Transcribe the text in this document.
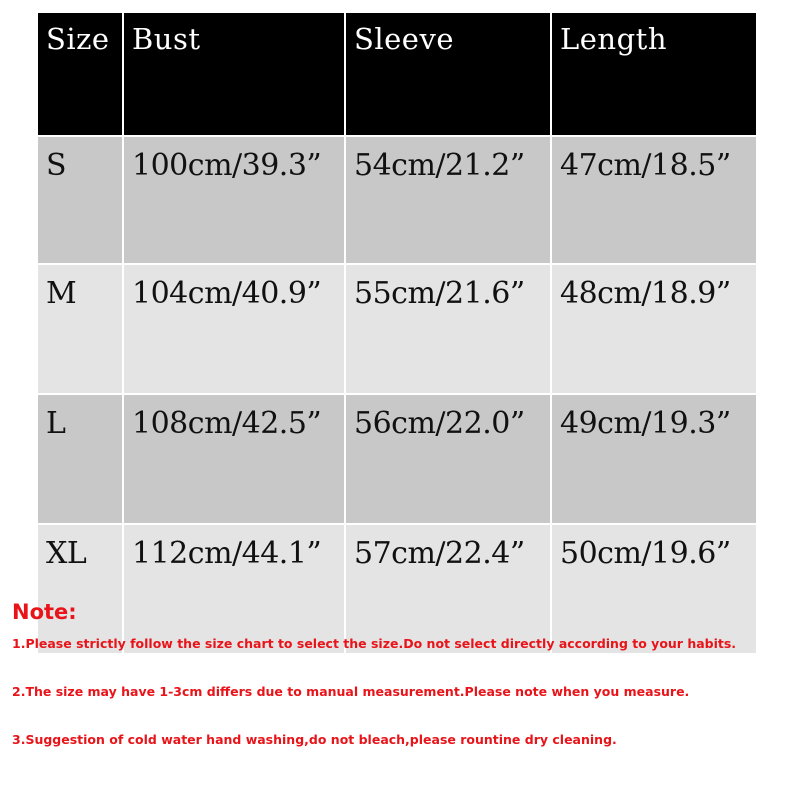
Size	Bust	Sleeve	Length
S	100cm/39.3”	54cm/21.2”	47cm/18.5”
M	104cm/40.9”	55cm/21.6”	48cm/18.9”
L	108cm/42.5”	56cm/22.0”	49cm/19.3”
XL	112cm/44.1”	57cm/22.4”	50cm/19.6”

Note:

1.Please strictly follow the size chart to select the size.Do not select directly according to your habits.

2.The size may have 1-3cm differs due to manual measurement.Please note when you measure.

3.Suggestion of cold water hand washing,do not bleach,please rountine dry cleaning.
